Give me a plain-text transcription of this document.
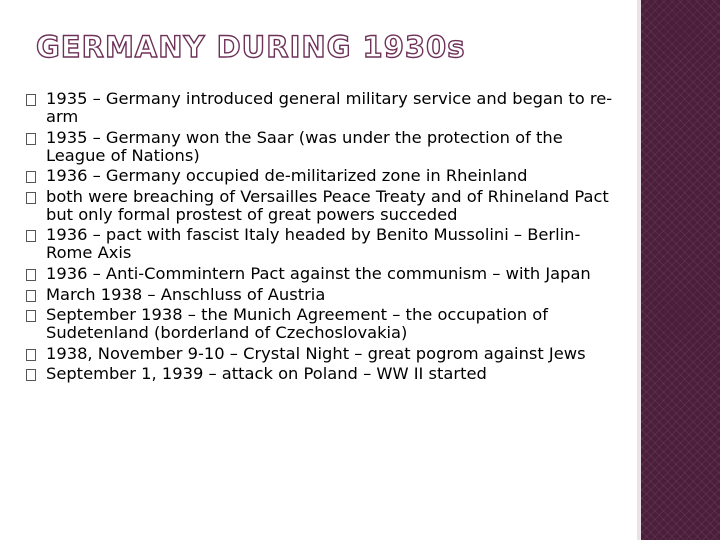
GERMANY DURING 1930s
1935 – Germany introduced general military service and began to re-arm
1935 – Germany won the Saar (was under the protection of the League of Nations)
1936 – Germany occupied de-militarized zone in Rheinland
both were breaching of Versailles Peace Treaty and of Rhineland Pact but only formal prostest of great powers succeded
1936 – pact with fascist Italy headed by Benito Mussolini – Berlin-Rome Axis
1936 – Anti-Commintern Pact against the communism – with Japan
March 1938 – Anschluss of Austria
September 1938 – the Munich Agreement – the occupation of Sudetenland (borderland of Czechoslovakia)
1938, November 9-10 – Crystal Night – great pogrom against Jews
September 1, 1939 – attack on Poland – WW II started
